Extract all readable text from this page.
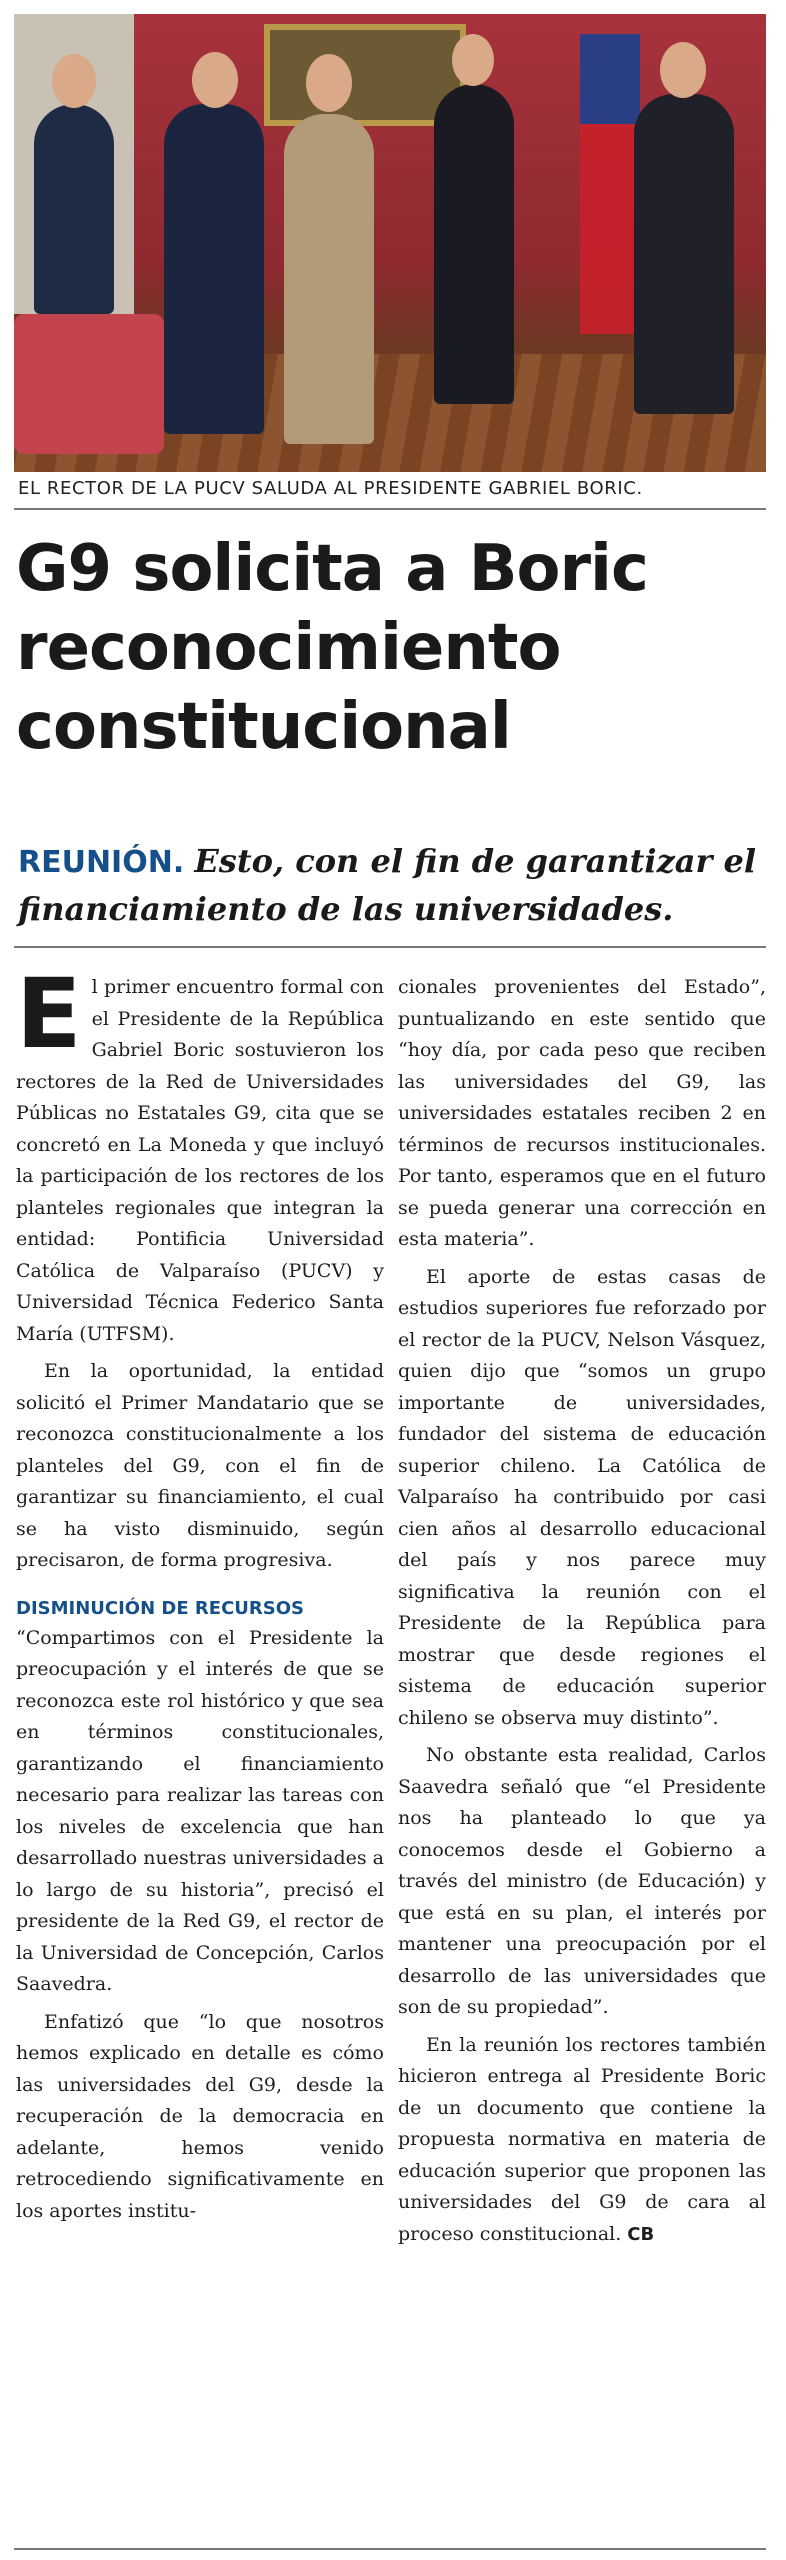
EL RECTOR DE LA PUCV SALUDA AL PRESIDENTE GABRIEL BORIC.
G9 solicita a Boric
reconocimiento
constitucional
REUNIÓN. Esto, con el fin de garantizar el financiamiento de las universidades.

El primer encuentro formal con el Presidente de la República Gabriel Boric sostuvieron los rectores de la Red de Universidades Públicas no Estatales G9, cita que se concretó en La Moneda y que incluyó la participación de los rectores de los planteles regionales que integran la entidad: Pontificia Universidad Católica de Valparaíso (PUCV) y Universidad Técnica Federico Santa María (UTFSM).

En la oportunidad, la entidad solicitó el Primer Mandatario que se reconozca constitucionalmente a los planteles del G9, con el fin de garantizar su financiamiento, el cual se ha visto disminuido, según precisaron, de forma progresiva.

DISMINUCIÓN DE RECURSOS

“Compartimos con el Presidente la preocupación y el interés de que se reconozca este rol histórico y que sea en términos constitucionales, garantizando el financiamiento necesario para realizar las tareas con los niveles de excelencia que han desarrollado nuestras universidades a lo largo de su historia”, precisó el presidente de la Red G9, el rector de la Universidad de Concepción, Carlos Saavedra.

Enfatizó que “lo que nosotros hemos explicado en detalle es cómo las universidades del G9, desde la recuperación de la democracia en adelante, hemos venido retrocediendo significativamente en los aportes institu-

cionales provenientes del Estado”, puntualizando en este sentido que “hoy día, por cada peso que reciben las universidades del G9, las universidades estatales reciben 2 en términos de recursos institucionales. Por tanto, esperamos que en el futuro se pueda generar una corrección en esta materia”.

El aporte de estas casas de estudios superiores fue reforzado por el rector de la PUCV, Nelson Vásquez, quien dijo que “somos un grupo importante de universidades, fundador del sistema de educación superior chileno. La Católica de Valparaíso ha contribuido por casi cien años al desarrollo educacional del país y nos parece muy significativa la reunión con el Presidente de la República para mostrar que desde regiones el sistema de educación superior chileno se observa muy distinto”.

No obstante esta realidad, Carlos Saavedra señaló que “el Presidente nos ha planteado lo que ya conocemos desde el Gobierno a través del ministro (de Educación) y que está en su plan, el interés por mantener una preocupación por el desarrollo de las universidades que son de su propiedad”.

En la reunión los rectores también hicieron entrega al Presidente Boric de un documento que contiene la propuesta normativa en materia de educación superior que proponen las universidades del G9 de cara al proceso constitucional. CB
